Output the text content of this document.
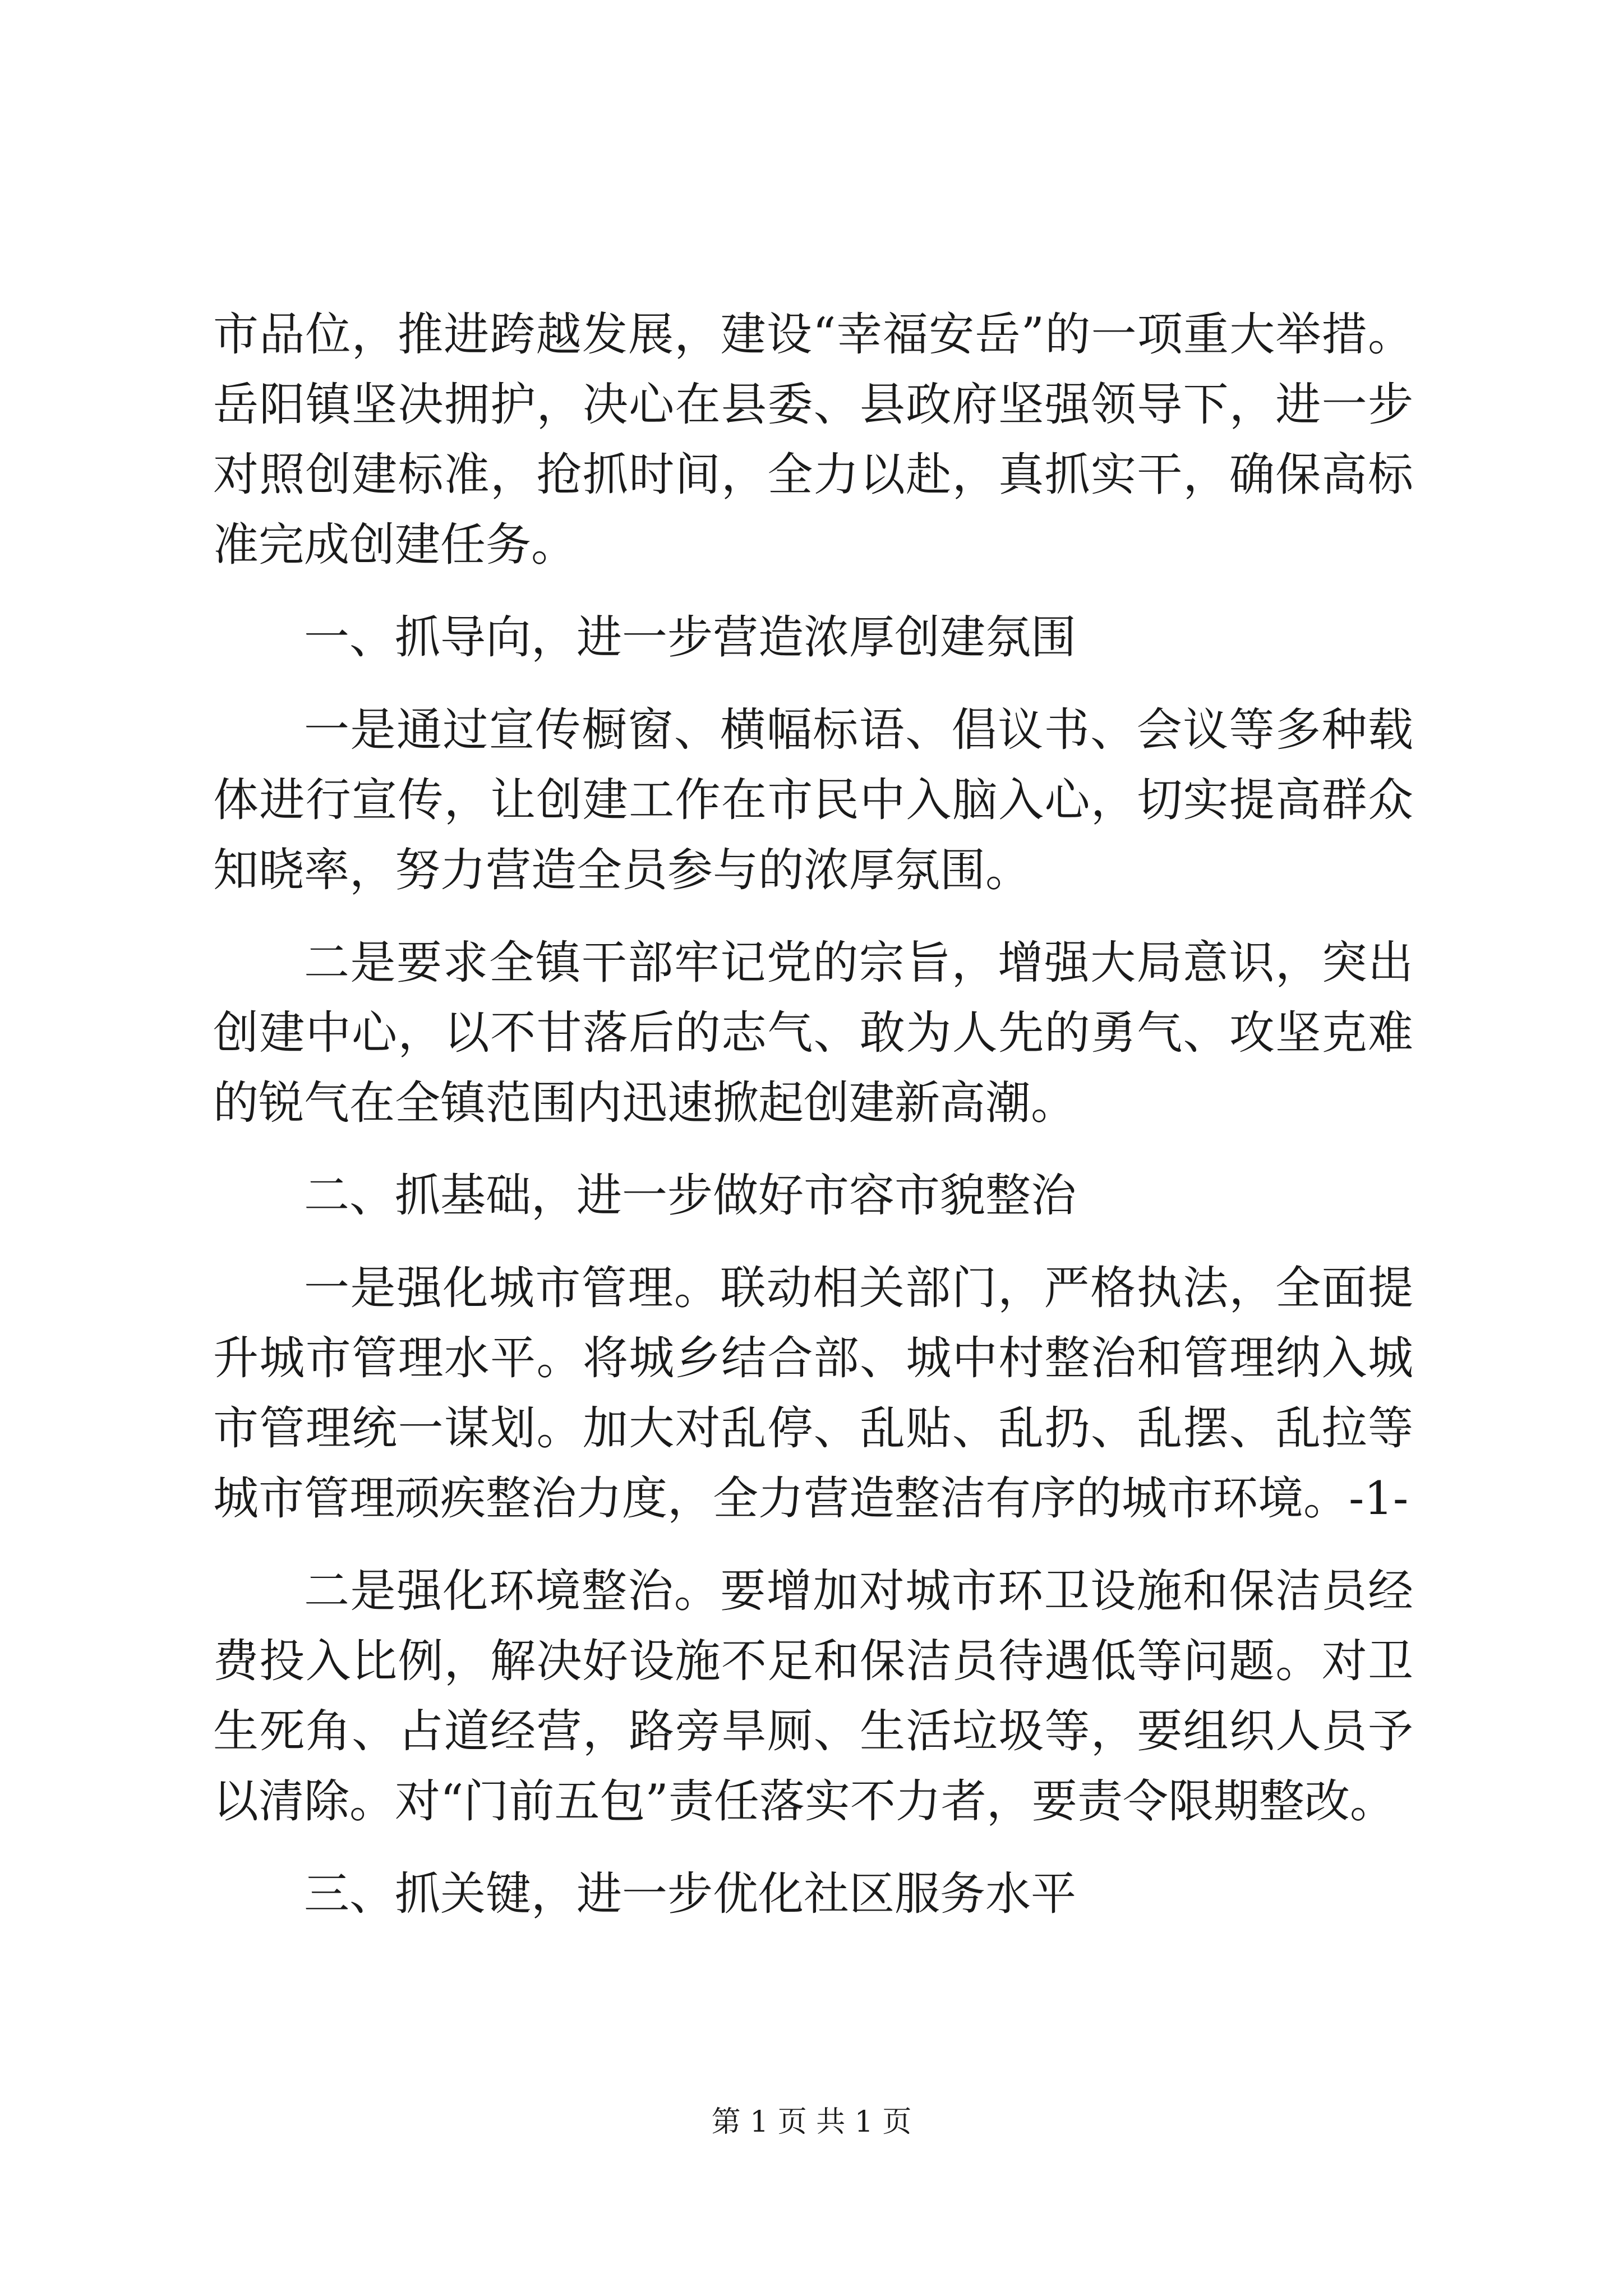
市品位，推进跨越发展，建设“幸福安岳”的一项重大举措。岳阳镇坚决拥护，决心在县委、县政府坚强领导下，进一步对照创建标准，抢抓时间，全力以赴，真抓实干，确保高标准完成创建任务。

一、抓导向，进一步营造浓厚创建氛围

一是通过宣传橱窗、横幅标语、倡议书、会议等多种载体进行宣传，让创建工作在市民中入脑入心，切实提高群众知晓率，努力营造全员参与的浓厚氛围。

二是要求全镇干部牢记党的宗旨，增强大局意识，突出创建中心，以不甘落后的志气、敢为人先的勇气、攻坚克难的锐气在全镇范围内迅速掀起创建新高潮。

二、抓基础，进一步做好市容市貌整治

一是强化城市管理。联动相关部门，严格执法，全面提升城市管理水平。将城乡结合部、城中村整治和管理纳入城市管理统一谋划。加大对乱停、乱贴、乱扔、乱摆、乱拉等城市管理顽疾整治力度，全力营造整洁有序的城市环境。-1-

二是强化环境整治。要增加对城市环卫设施和保洁员经费投入比例，解决好设施不足和保洁员待遇低等问题。对卫生死角、占道经营，路旁旱厕、生活垃圾等，要组织人员予以清除。对“门前五包”责任落实不力者，要责令限期整改。

三、抓关键，进一步优化社区服务水平

第 1 页 共 1 页
